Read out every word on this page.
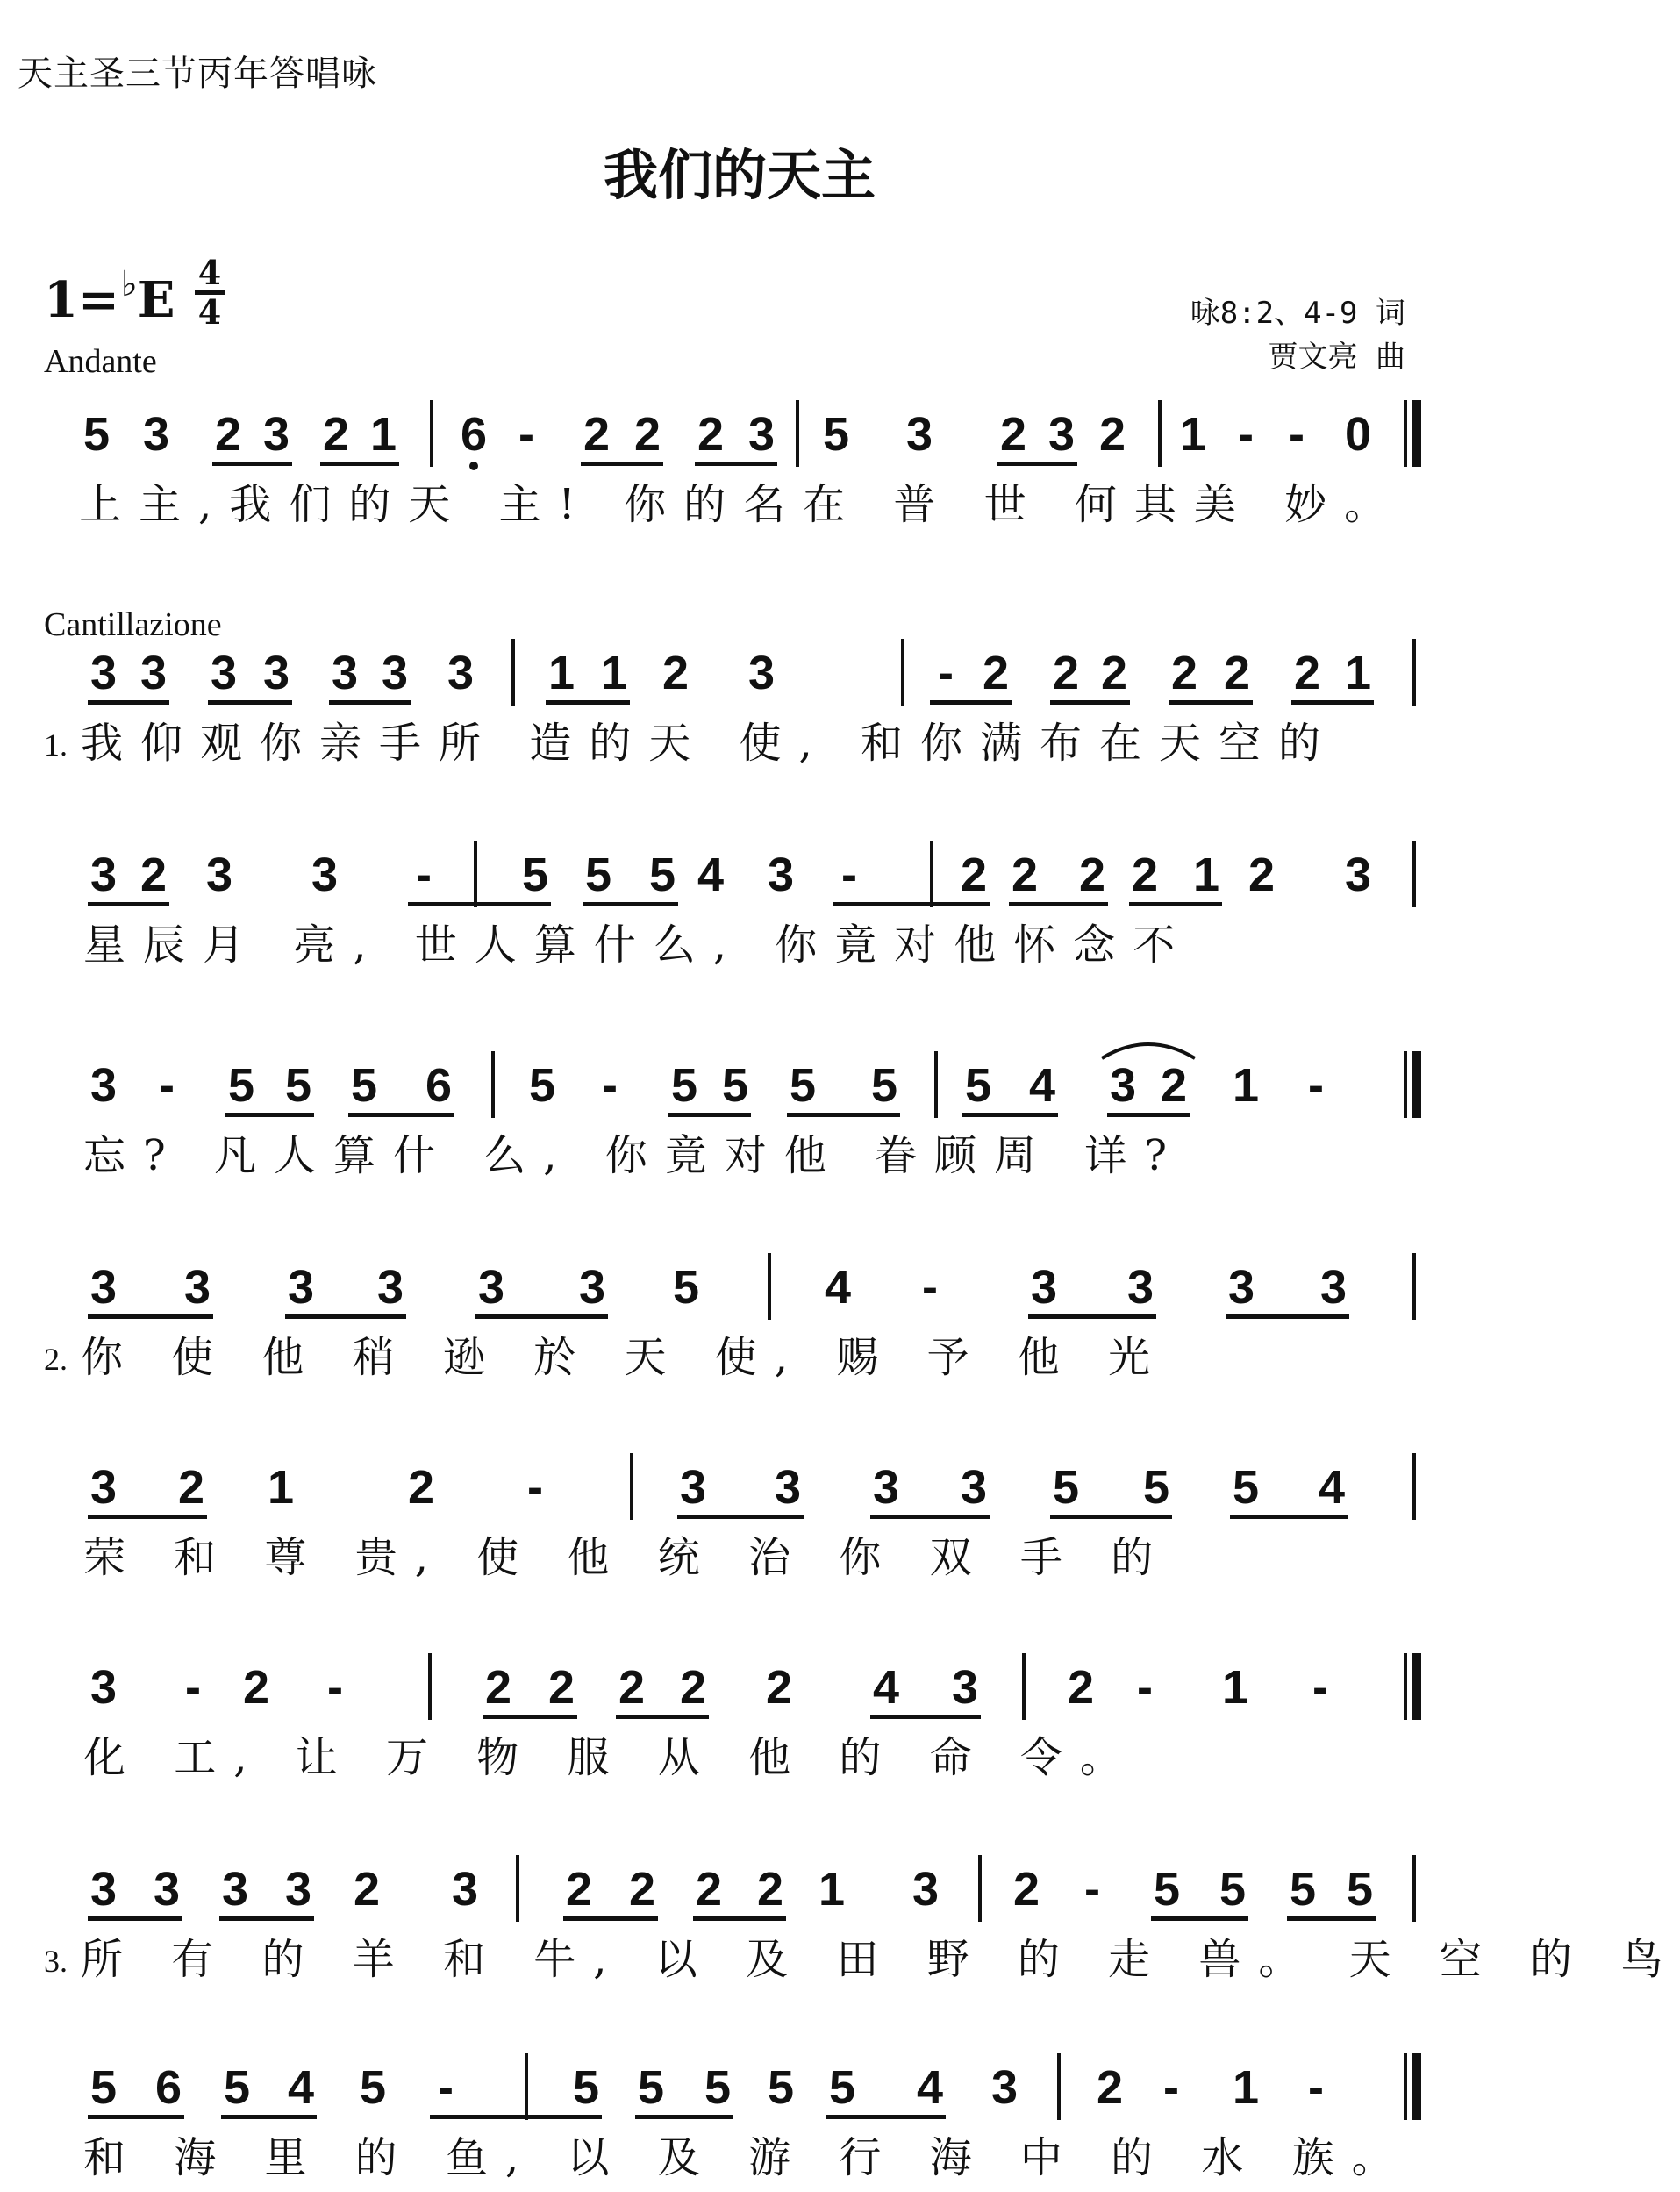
天主圣三节丙年答唱咏
我们的天主
1=♭E 4
4
Andante
咏8:2、4-9 词
贾文亮 曲
Cantillazione
5 3 2 3 2 1 6 -	2 2 2 3 5 3 2 3 2 1 - - 0
上主,我们的天 主! 你的名在 普 世 何其美 妙。
3 3 3 3 3 3 3 1 1 2 3	- 2 2 2 2 2 2 1
1. 我仰观你亲手所 造的天 使, 和你满布在天空的
3 2 3 3	-	5 5 5 4 3 -	2 2 2 2 1 2 3
星辰月 亮, 世人算什么, 你竟对他怀念不
3 -	5 5 5 6 5 -	5 5 5 5 5 4 3 2 1	-
忘? 凡人算什 么, 你竟对他 眷顾周 详?
3 3 3 3 3 3 5	4	-	3 3 3 3
2. 你 使 他 稍 逊 於 天 使, 赐 予 他 光
3 2 1 2	-	3 3 3 3 5 5 5 4
荣 和 尊 贵, 使 他 统 治 你 双 手 的
3	- 2	-	2 2 2 2 2 4 3 2 -	1	-
化 工, 让 万 物 服 从 他 的 命 令。
3 3 3 3 2 3 2 2 2 2 1 3 2 -	5 5 5 5
3. 所 有 的 羊 和 牛, 以 及 田 野 的 走 兽。 天 空 的 鸟
5 6 5 4 5	-	5 5 5 5 5 4 3 2 -	1	-
和 海 里 的 鱼, 以 及 游 行 海 中 的 水 族。
